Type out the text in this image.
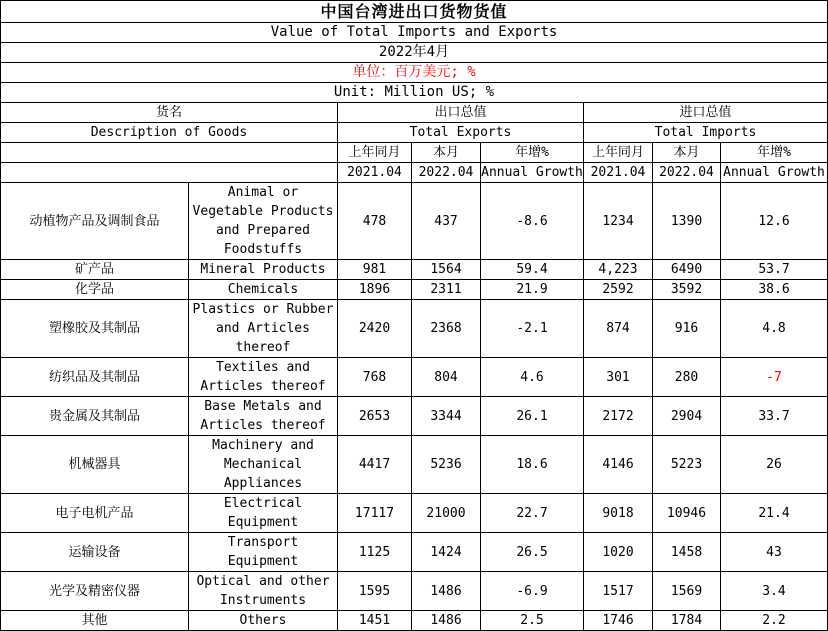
中国台湾进出口货物货值							
Value of Total Imports and Exports							
2022年4月							
单位：百万美元; %							
Unit: Million US; %							
货名		出口总值			进口总值		
Description of Goods		Total Exports			Total Imports		
		上年同月	本月	年增%	上年同月	本月	年增%
		2021.04	2022.04	Annual Growth	2021.04	2022.04	Annual Growth
动植物产品及调制食品	Animal or Vegetable Products and Prepared Foodstuffs	478	437	-8.6	1234	1390	12.6
矿产品	Mineral Products	981	1564	59.4	4,223	6490	53.7
化学品	Chemicals	1896	2311	21.9	2592	3592	38.6
塑橡胶及其制品	Plastics or Rubber and Articles thereof	2420	2368	-2.1	874	916	4.8
纺织品及其制品	Textiles and Articles thereof	768	804	4.6	301	280	-7
贵金属及其制品	Base Metals and Articles thereof	2653	3344	26.1	2172	2904	33.7
机械器具	Machinery and Mechanical Appliances	4417	5236	18.6	4146	5223	26
电子电机产品	Electrical Equipment	17117	21000	22.7	9018	10946	21.4
运输设备	Transport Equipment	1125	1424	26.5	1020	1458	43
光学及精密仪器	Optical and other Instruments	1595	1486	-6.9	1517	1569	3.4
其他	Others	1451	1486	2.5	1746	1784	2.2
